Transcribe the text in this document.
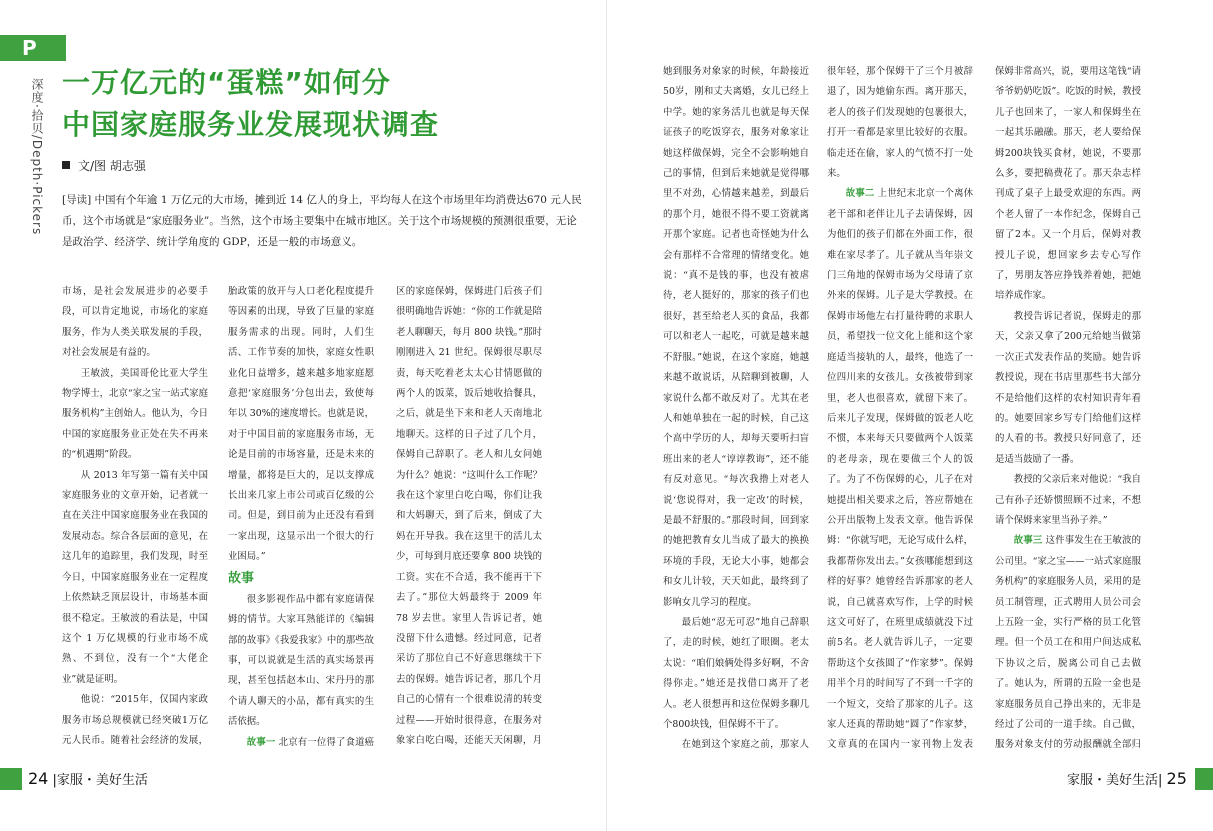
P
深度·拾贝/Depth·Pickers 一万亿元的“蛋糕”如何分
中国家庭服务业发展现状调查
文/图 胡志强
[导读] 中国有个年逾 1 万亿元的大市场，摊到近 14 亿人的身上，平均每人在这个市场里年均消费达670 元人民币，这个市场就是“家庭服务业”。当然，这个市场主要集中在城市地区。关于这个市场规模的预测很重要，无论是政治学、经济学、统计学角度的 GDP，还是一般的市场意义。

市场，是社会发展进步的必要手段，可以肯定地说，市场化的家庭服务，作为人类关联发展的手段，对社会发展是有益的。

王敏波，美国哥伦比亚大学生物学博士，北京“家之宝一站式家庭服务机构”主创始人。他认为，今日中国的家庭服务业正处在失不再来的“机遇期”阶段。

从 2013 年写第一篇有关中国家庭服务业的文章开始，记者就一直在关注中国家庭服务业在我国的发展动态。综合各层面的意见，在这几年的追踪里，我们发现，时至今日，中国家庭服务业在一定程度上依然缺乏顶层设计，市场基本面很不稳定。王敏波的看法是，中国这个 1 万亿规模的行业市场不成熟、不到位，没有一个“大佬企业”就是证明。

他说：“2015年，仅国内家政服务市场总规模就已经突破1万亿元人民币。随着社会经济的发展，

胎政策的放开与人口老化程度提升等因素的出现，导致了巨量的家庭服务需求的出现。同时，人们生活、工作节奏的加快，家庭女性职业化日益增多，越来越多地家庭愿意把‘家庭服务’分包出去，致使每年以 30%的速度增长。也就是说，对于中国目前的家庭服务市场，无论是目前的市场容量，还是未来的增量，都将是巨大的，足以支撑成长出来几家上市公司或百亿级的公司。但是，到目前为止还没有看到一家出现，这显示出一个很大的行业困局。”

故事

很多影视作品中都有家庭请保姆的情节。大家耳熟能详的《编辑部的故事》《我爱我家》中的那些故事，可以说就是生活的真实场景再现，甚至包括赵本山、宋丹丹的那个请人聊天的小品，都有真实的生活依据。

故事一 北京有一位得了食道癌

区的家庭保姆，保姆进门后孩子们很明确地告诉她：“你的工作就是陪老人聊聊天，每月 800 块钱。”那时刚刚进入 21 世纪。保姆很尽职尽责，每天吃着老太太心甘情愿做的两个人的饭菜，饭后她收拾餐具，之后，就是坐下来和老人天南地北地聊天。这样的日子过了几个月，保姆自己辞职了。老人和儿女问她为什么？她说：“这叫什么工作呢？我在这个家里白吃白喝，你们让我和大妈聊天，到了后来，倒成了大妈在开导我。我在这里干的活儿太少，可每到月底还要拿 800 块钱的工资。实在不合适，我不能再干下去了。”那位大妈最终于 2009 年 78 岁去世。家里人告诉记者，她没留下什么遗憾。经过同意，记者采访了那位自己不好意思继续干下去的保姆。她告诉记者，那几个月自己的心情有一个很难说清的转变过程——开始时很得意，在服务对象家白吃白喝，还能天天闲聊，月

24 |家服・美好生活

她到服务对象家的时候，年龄接近50岁，刚和丈夫离婚，女儿已经上中学。她的家务活儿也就是每天保证孩子的吃饭穿衣，服务对象家让她这样做保姆，完全不会影响她自己的事情，但到后来她就是觉得哪里不对劲，心情越来越差，到最后的那个月，她很不得不要工资就离开那个家庭。记者也奇怪她为什么会有那样不合常理的情绪变化。她说：“真不是钱的事，也没有被虐待，老人挺好的，那家的孩子们也很好，甚至给老人买的食品，我都可以和老人一起吃，可就是越来越不舒服。”她说，在这个家庭，她越来越不敢说话，从陪聊到被聊，人家说什么都不敢反对了。尤其在老人和她单独在一起的时候，自己这个高中学历的人，却每天要听扫盲班出来的老人“谆谆教诲”，还不能有反对意见。“每次我撸上对老人说‘您说得对，我一定改’的时候，是最不舒服的。”那段时间，回到家的她把教育女儿当成了最大的换换环境的手段，无论大小事，她都会和女儿计较，天天如此，最终到了影响女儿学习的程度。

最后她“忍无可忍”地自己辞职了，走的时候，她红了眼圈。老太太说：“咱们娘俩处得多好啊，不舍得你走。”她还是找借口离开了老人。老人很想再和这位保姆多聊几个800块钱，但保姆不干了。

在她到这个家庭之前，那家人

很年轻，那个保姆干了三个月被辞退了，因为她偷东西。离开那天，老人的孩子们发现她的包裹很大，打开一看都是家里比较好的衣服。临走还在偷，家人的气愤不打一处来。

故事二 上世纪末北京一个离休老干部和老伴让儿子去请保姆，因为他们的孩子们都在外面工作，很难在家尽孝了。儿子就从当年崇文门三角地的保姆市场为父母请了京外来的保姆。儿子是大学教授。在保姆市场他左右打量待聘的求职人员，希望找一位文化上能和这个家庭适当接轨的人，最终，他选了一位四川来的女孩儿。女孩被带到家里，老人也很喜欢，就留下来了。后来儿子发现，保姆做的饭老人吃不惯，本来每天只要做两个人饭菜的老母亲，现在要做三个人的饭了。为了不伤保姆的心，儿子在对她提出相关要求之后，答应帮她在公开出版物上发表文章。他告诉保姆：“你就写吧，无论写成什么样，我都帮你发出去。”女孩哪能想到这样的好事？她曾经告诉那家的老人说，自己就喜欢写作，上学的时候这文可好了，在班里成绩就没下过前5名。老人就告诉儿子，一定要帮助这个女孩圆了“作家梦”。保姆用半个月的时间写了不到一千字的一个短文，交给了那家的儿子。这家人还真的帮助她“圆了”作家梦，文章真的在国内一家刊物上发表

保姆非常高兴，说，要用这笔钱“请爷爷奶奶吃饭”。吃饭的时候，教授儿子也回来了，一家人和保姆坐在一起其乐融融。那天，老人要给保姆200块钱买食材，她说，不要那么多，要把稿费花了。那天杂志样刊成了桌子上最受欢迎的东西。两个老人留了一本作纪念，保姆自己留了2本。又一个月后，保姆对教授儿子说，想回家乡去专心写作了，男朋友答应挣钱养着她，把她培养成作家。

教授告诉记者说，保姆走的那天，父亲又拿了200元给她当做第一次正式发表作品的奖励。她告诉教授说，现在书店里那些书大部分不是给他们这样的农村知识青年看的。她要回家乡写专门给他们这样的人看的书。教授只好同意了，还是适当鼓励了一番。

教授的父亲后来对他说：“我自己有孙子还娇惯照顾不过来，不想请个保姆来家里当孙子养。”

故事三 这件事发生在王敏波的公司里。“家之宝——一站式家庭服务机构”的家庭服务人员，采用的是员工制管理，正式聘用人员公司会上五险一金，实行严格的员工化管理。但一个员工在和用户间达成私下协议之后，脱离公司自己去做了。她认为，所谓的五险一金也是家庭服务员自己挣出来的，无非是经过了公司的一道手续。自己做，服务对象支付的劳动报酬就全部归

家服・美好生活| 25
